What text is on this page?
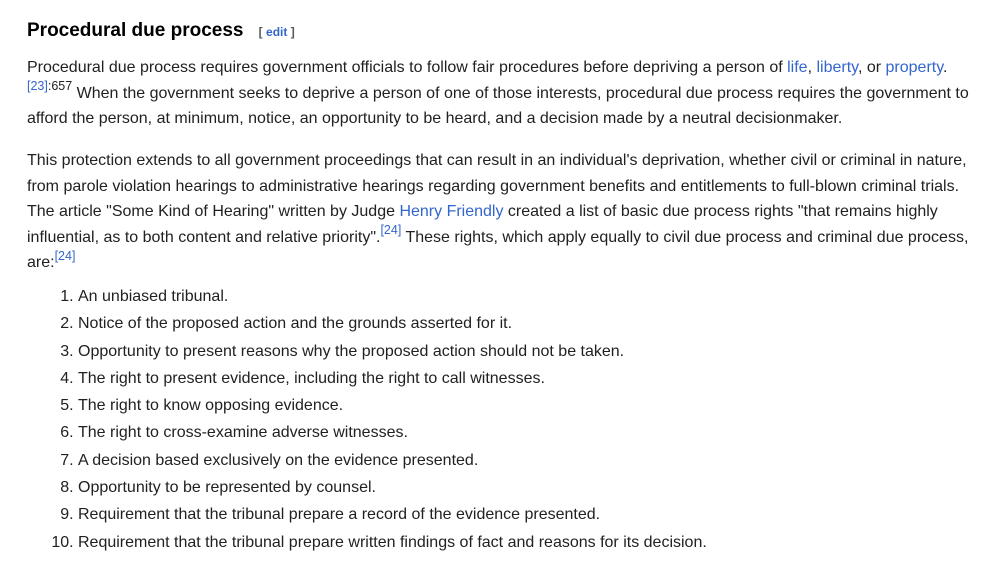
Procedural due process [ edit ]

Procedural due process requires government officials to follow fair procedures before depriving a person of life, liberty, or property.$^{[23]:657}$ When the government seeks to deprive a person of one of those interests, procedural due process requires the government to afford the person, at minimum, notice, an opportunity to be heard, and a decision made by a neutral decisionmaker.

This protection extends to all government proceedings that can result in an individual's deprivation, whether civil or criminal in nature, from parole violation hearings to administrative hearings regarding government benefits and entitlements to full-blown criminal trials. The article "Some Kind of Hearing" written by Judge Henry Friendly created a list of basic due process rights "that remains highly influential, as to both content and relative priority".[24] These rights, which apply equally to civil due process and criminal due process, are:[24]

1. An unbiased tribunal.
2. Notice of the proposed action and the grounds asserted for it.
3. Opportunity to present reasons why the proposed action should not be taken.
4. The right to present evidence, including the right to call witnesses.
5. The right to know opposing evidence.
6. The right to cross-examine adverse witnesses.
7. A decision based exclusively on the evidence presented.
8. Opportunity to be represented by counsel.
9. Requirement that the tribunal prepare a record of the evidence presented.
10. Requirement that the tribunal prepare written findings of fact and reasons for its decision.
